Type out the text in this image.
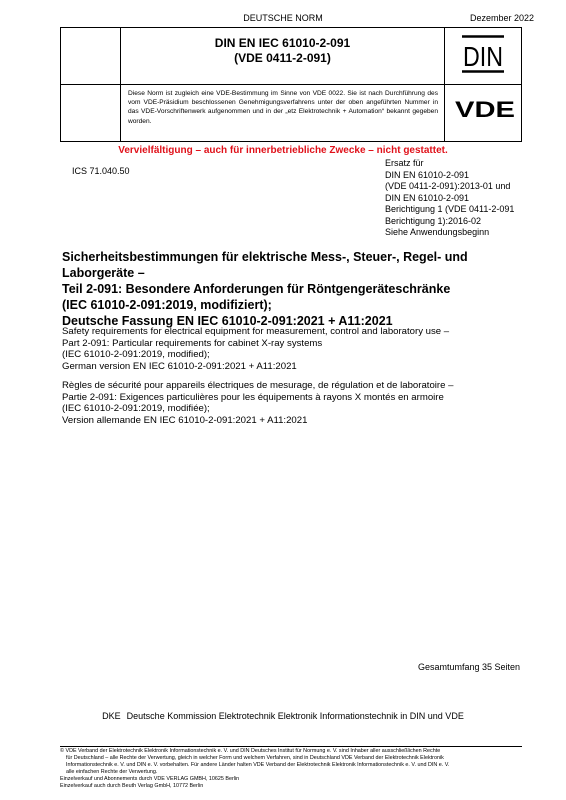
DEUTSCHE NORM	Dezember 2022
DIN EN IEC 61010-2-091
(VDE 0411-2-091)	DIN
Diese Norm ist zugleich eine VDE-Bestimmung im Sinne von VDE 0022. Sie ist nach Durchführung des vom VDE-Präsidium beschlossenen Genehmigungsverfahrens unter der oben angeführten Nummer in das VDE-Vorschriftenwerk aufgenommen und in der „etz Elektrotechnik + Automation“ bekannt gegeben worden.	VDE
Vervielfältigung – auch für innerbetriebliche Zwecke – nicht gestattet.
ICS 71.040.50
Ersatz für
DIN EN 61010-2-091
(VDE 0411-2-091):2013-01 und
DIN EN 61010-2-091
Berichtigung 1 (VDE 0411-2-091
Berichtigung 1):2016-02
Siehe Anwendungsbeginn
Sicherheitsbestimmungen für elektrische Mess-, Steuer-, Regel- und
Laborgeräte –
Teil 2-091: Besondere Anforderungen für Röntgengeräteschränke
(IEC 61010-2-091:2019, modifiziert);
Deutsche Fassung EN IEC 61010-2-091:2021 + A11:2021
Safety requirements for electrical equipment for measurement, control and laboratory use –
Part 2-091: Particular requirements for cabinet X-ray systems
(IEC 61010-2-091:2019, modified);
German version EN IEC 61010-2-091:2021 + A11:2021
Règles de sécurité pour appareils électriques de mesurage, de régulation et de laboratoire –
Partie 2-091: Exigences particulières pour les équipements à rayons X montés en armoire
(IEC 61010-2-091:2019, modifiée);
Version allemande EN IEC 61010-2-091:2021 + A11:2021
Gesamtumfang 35 Seiten
DKE Deutsche Kommission Elektrotechnik Elektronik Informationstechnik in DIN und VDE
© VDE Verband der Elektrotechnik Elektronik Informationstechnik e. V. und DIN Deutsches Institut für Normung e. V. sind Inhaber aller ausschließlichen Rechte
für Deutschland – alle Rechte der Verwertung, gleich in welcher Form und welchem Verfahren, sind in Deutschland VDE Verband der Elektrotechnik Elektronik
Informationstechnik e. V. und DIN e. V. vorbehalten. Für andere Länder halten VDE Verband der Elektrotechnik Elektronik Informationstechnik e. V. und DIN e. V.
alle einfachen Rechte der Verwertung.
Einzelverkauf und Abonnements durch VDE VERLAG GMBH, 10625 Berlin
Einzelverkauf auch durch Beuth Verlag GmbH, 10772 Berlin
